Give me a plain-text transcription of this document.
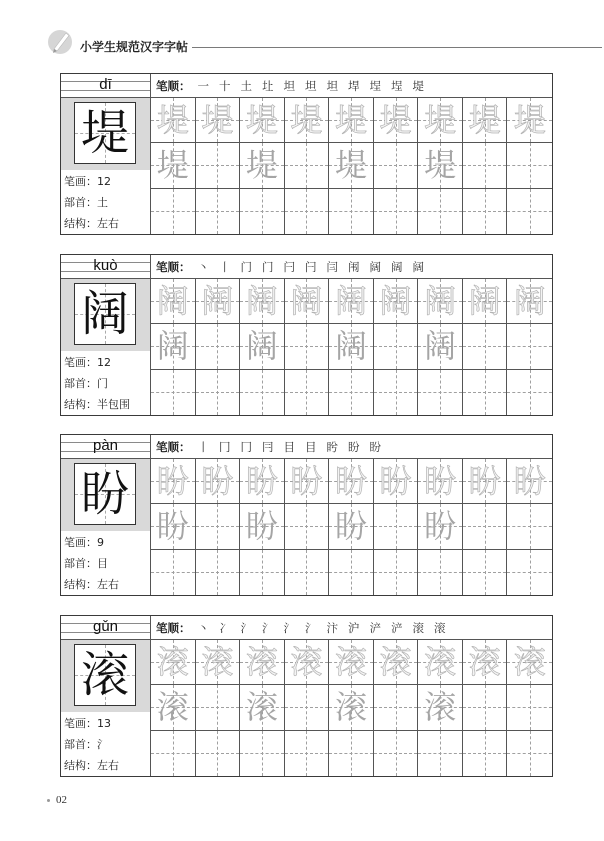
小学生规范汉字字帖
dī	笔顺： 一 十 土 圵 坦 坦 坦 垾 埕 埕 堤
堤
笔画：12
部首：土
结构：左右
堤 堤 堤 堤 堤 堤 堤 堤 堤
堤 堤 堤 堤
kuò	笔顺： 丶 丨 门 门 闩 闩 闫 闱 阔 阔 阔
阔
笔画：12
部首：门
结构：半包围
阔 阔 阔 阔 阔 阔 阔 阔 阔
阔 阔 阔 阔
pàn	笔顺： 丨 冂 冂 冃 目 目 盻 盼 盼
盼
笔画：9
部首：目
结构：左右
盼 盼 盼 盼 盼 盼 盼 盼 盼
盼 盼 盼 盼
gǔn	笔顺： 丶 冫 氵 氵 氵 氵 汴 沪 浐 浐 滚 滚
滚
笔画：13
部首：氵
结构：左右
滚 滚 滚 滚 滚 滚 滚 滚 滚
滚 滚 滚 滚
02
